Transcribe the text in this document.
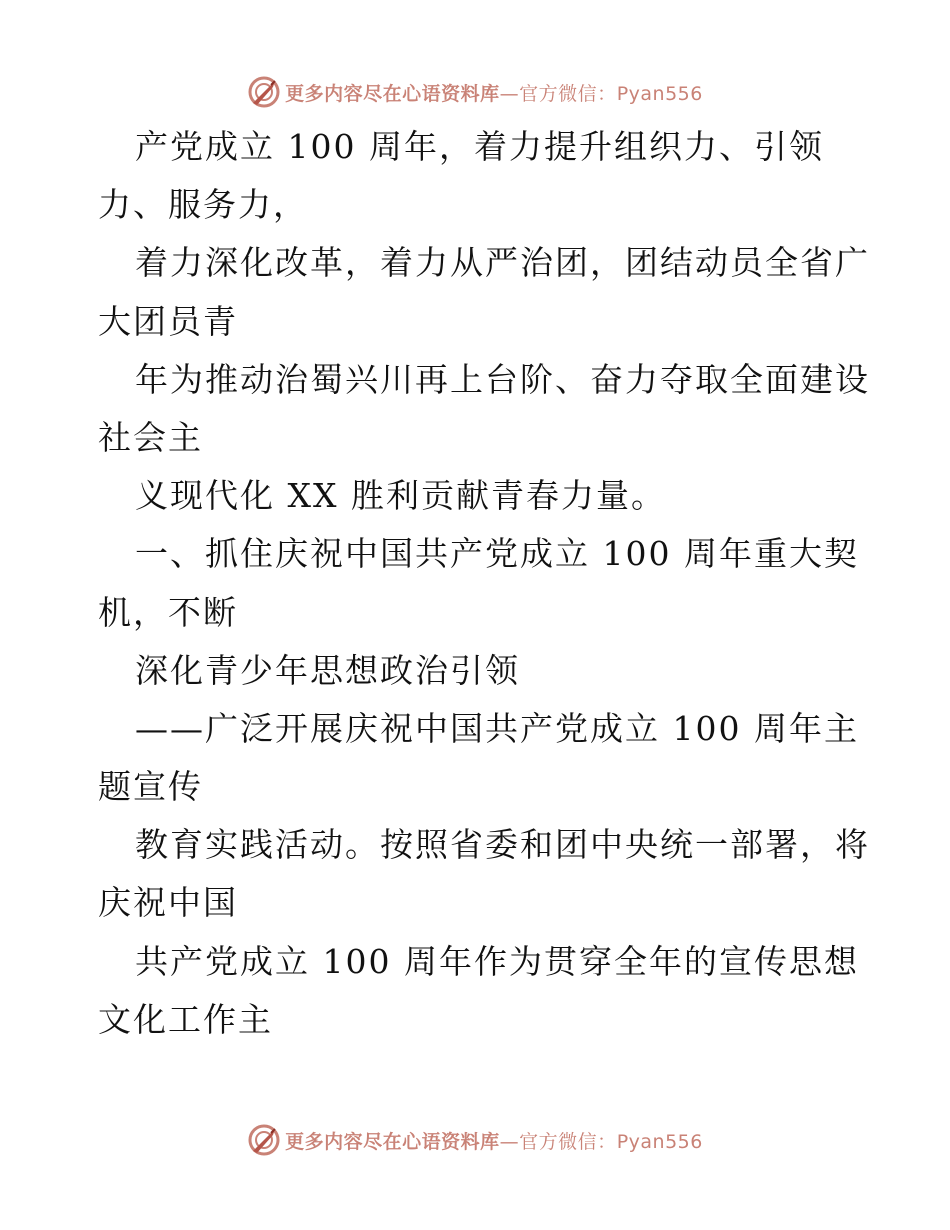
更多内容尽在心语资料库—官方微信：Pyan556
产党成立 100 周年，着力提升组织力、引领
力、服务力，
着力深化改革，着力从严治团，团结动员全省广
大团员青
年为推动治蜀兴川再上台阶、奋力夺取全面建设
社会主
义现代化 XX 胜利贡献青春力量。
一、抓住庆祝中国共产党成立 100 周年重大契
机，不断
深化青少年思想政治引领
——广泛开展庆祝中国共产党成立 100 周年主
题宣传
教育实践活动。按照省委和团中央统一部署，将
庆祝中国
共产党成立 100 周年作为贯穿全年的宣传思想
文化工作主
更多内容尽在心语资料库—官方微信：Pyan556
